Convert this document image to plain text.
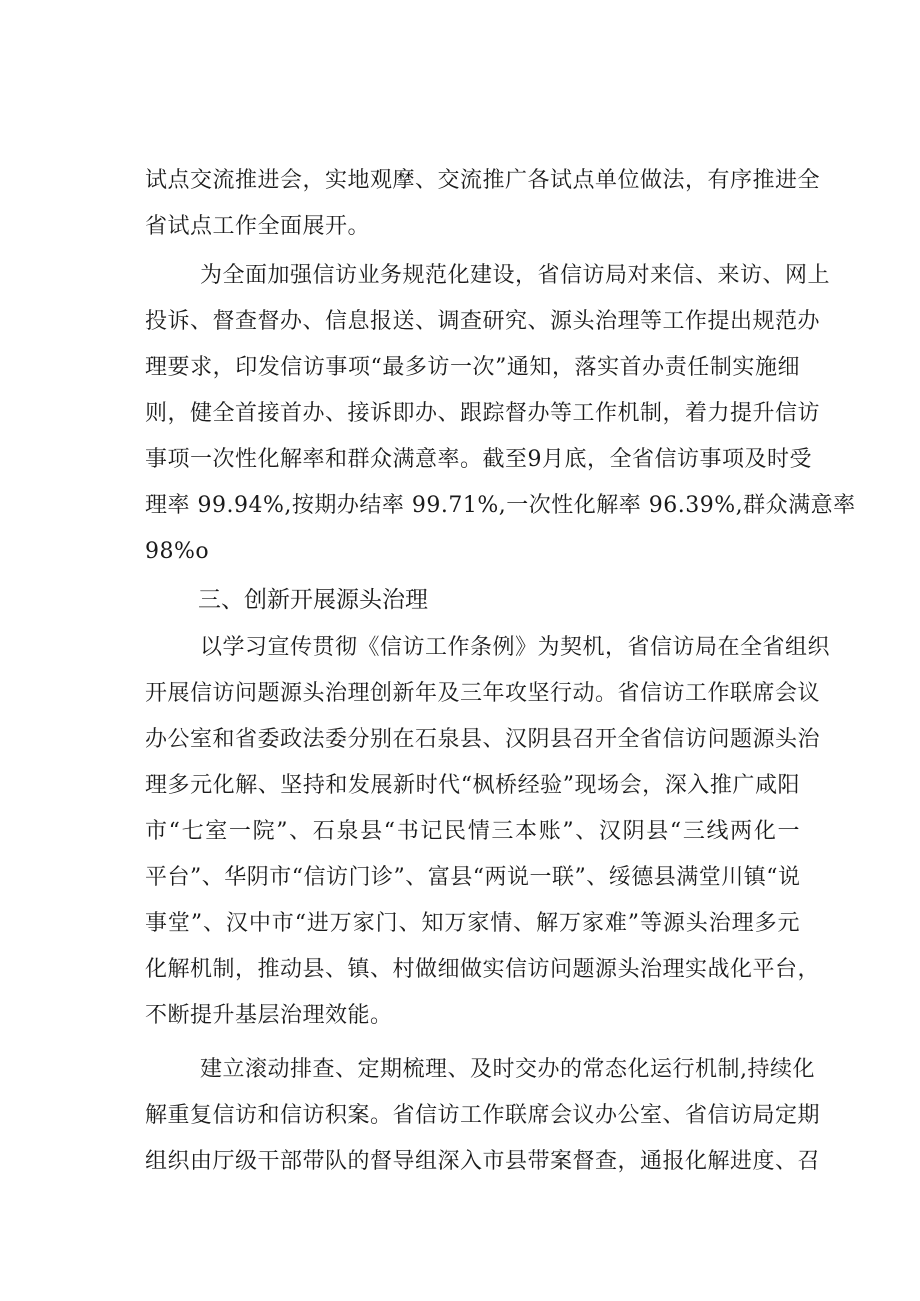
试点交流推进会，实地观摩、交流推广各试点单位做法，有序推进全
省试点工作全面展开。
为全面加强信访业务规范化建设，省信访局对来信、来访、网上
投诉、督查督办、信息报送、调查研究、源头治理等工作提出规范办
理要求，印发信访事项“最多访一次”通知，落实首办责任制实施细
则，健全首接首办、接诉即办、跟踪督办等工作机制，着力提升信访
事项一次性化解率和群众满意率。截至9月底，全省信访事项及时受
理率 99.94%,按期办结率 99.71%,一次性化解率 96.39%,群众满意率
98%o
三、创新开展源头治理
以学习宣传贯彻《信访工作条例》为契机，省信访局在全省组织
开展信访问题源头治理创新年及三年攻坚行动。省信访工作联席会议
办公室和省委政法委分别在石泉县、汉阴县召开全省信访问题源头治
理多元化解、坚持和发展新时代“枫桥经验”现场会，深入推广咸阳
市“七室一院”、石泉县“书记民情三本账”、汉阴县“三线两化一
平台”、华阴市“信访门诊”、富县“两说一联”、绥德县满堂川镇“说
事堂”、汉中市“进万家门、知万家情、解万家难”等源头治理多元
化解机制，推动县、镇、村做细做实信访问题源头治理实战化平台，
不断提升基层治理效能。
建立滚动排查、定期梳理、及时交办的常态化运行机制,持续化
解重复信访和信访积案。省信访工作联席会议办公室、省信访局定期
组织由厅级干部带队的督导组深入市县带案督查，通报化解进度、召
